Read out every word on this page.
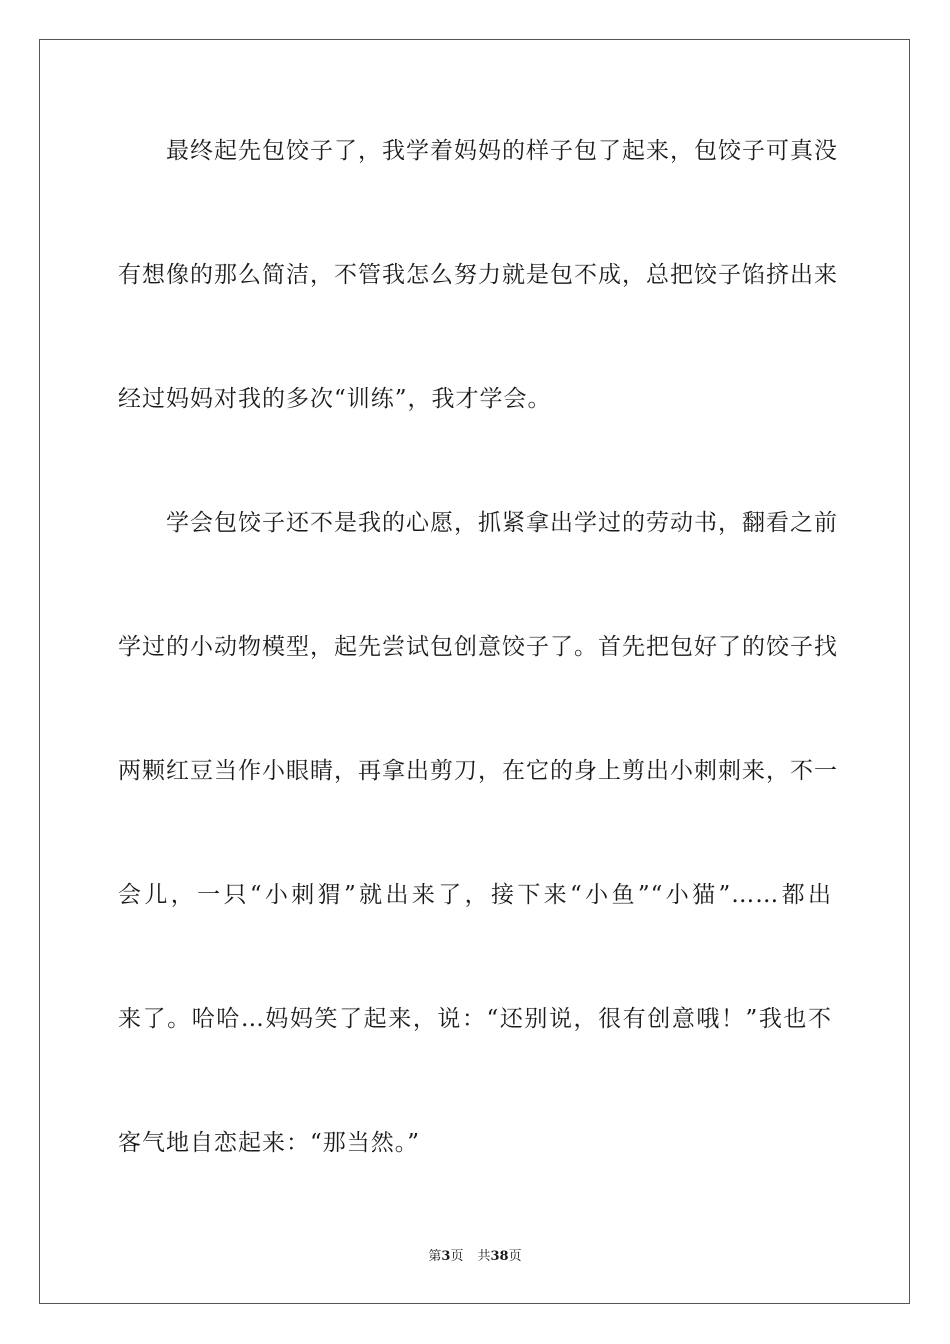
最终起先包饺子了，我学着妈妈的样子包了起来，包饺子可真没
有想像的那么简洁，不管我怎么努力就是包不成，总把饺子馅挤出来
经过妈妈对我的多次“训练”，我才学会。
学会包饺子还不是我的心愿，抓紧拿出学过的劳动书，翻看之前
学过的小动物模型，起先尝试包创意饺子了。首先把包好了的饺子找
两颗红豆当作小眼睛，再拿出剪刀，在它的身上剪出小刺刺来，不一
会儿，一只“小刺猬”就出来了，接下来“小鱼”“小猫”……都出
来了。哈哈…妈妈笑了起来，说：“还别说，很有创意哦！”我也不
客气地自恋起来：“那当然。”
第3页 共38页
